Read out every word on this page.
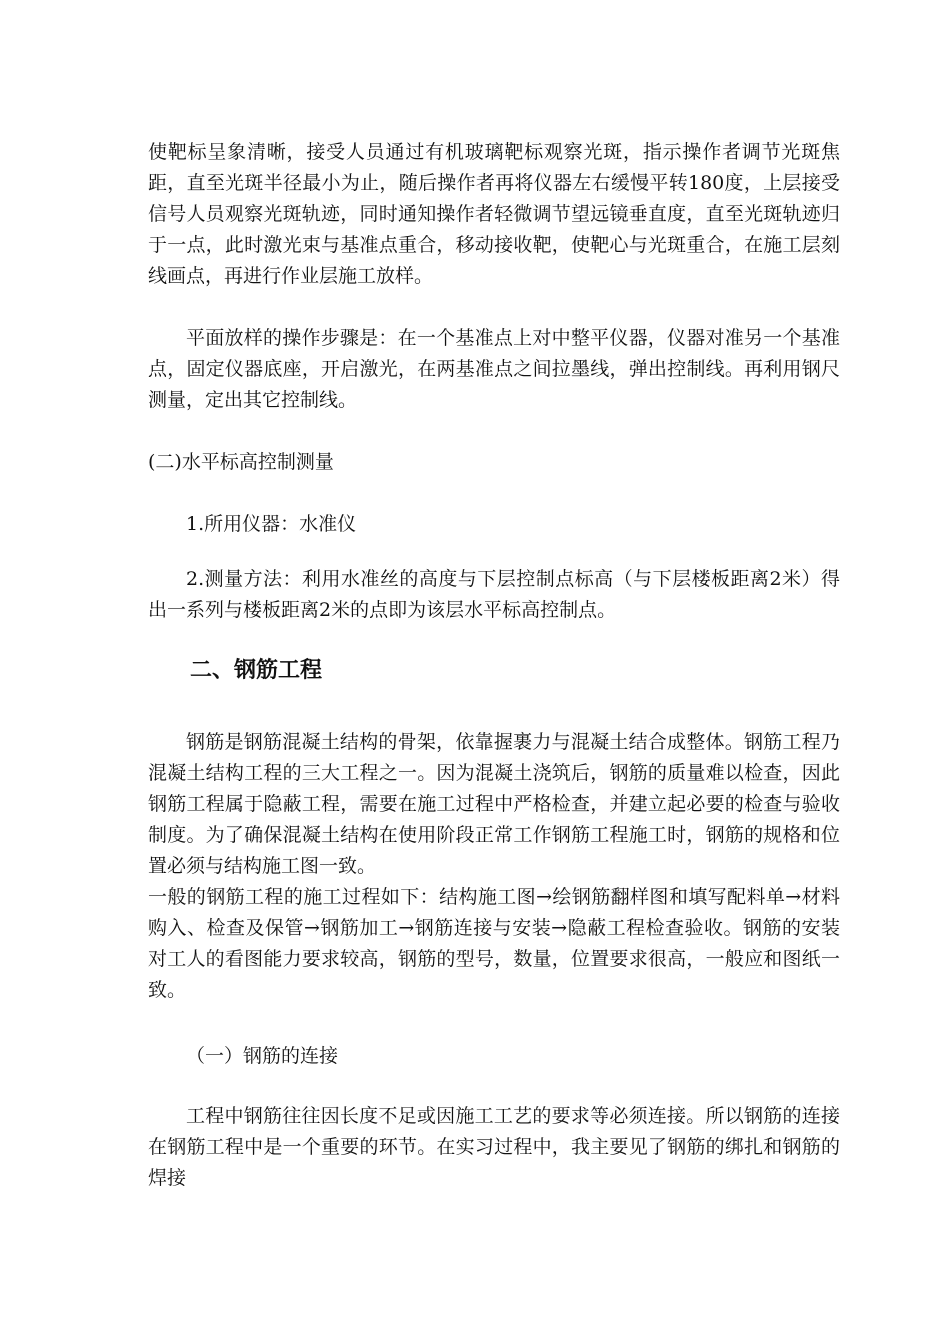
使靶标呈象清晰，接受人员通过有机玻璃靶标观察光斑，指示操作者调节光斑焦距，直至光斑半径最小为止，随后操作者再将仪器左右缓慢平转180度，上层接受信号人员观察光斑轨迹，同时通知操作者轻微调节望远镜垂直度，直至光斑轨迹归于一点，此时激光束与基准点重合，移动接收靶，使靶心与光斑重合，在施工层刻线画点，再进行作业层施工放样。

平面放样的操作步骤是：在一个基准点上对中整平仪器，仪器对准另一个基准点，固定仪器底座，开启激光，在两基准点之间拉墨线，弹出控制线。再利用钢尺测量，定出其它控制线。

(二)水平标高控制测量

1.所用仪器：水准仪

2.测量方法：利用水准丝的高度与下层控制点标高（与下层楼板距离2米）得出一系列与楼板距离2米的点即为该层水平标高控制点。

二、钢筋工程

钢筋是钢筋混凝土结构的骨架，依靠握裹力与混凝土结合成整体。钢筋工程乃混凝土结构工程的三大工程之一。因为混凝土浇筑后，钢筋的质量难以检查，因此钢筋工程属于隐蔽工程，需要在施工过程中严格检查，并建立起必要的检查与验收制度。为了确保混凝土结构在使用阶段正常工作钢筋工程施工时，钢筋的规格和位置必须与结构施工图一致。

一般的钢筋工程的施工过程如下：结构施工图→绘钢筋翻样图和填写配料单→材料购入、检查及保管→钢筋加工→钢筋连接与安装→隐蔽工程检查验收。钢筋的安装对工人的看图能力要求较高，钢筋的型号，数量，位置要求很高，一般应和图纸一致。

（一）钢筋的连接

工程中钢筋往往因长度不足或因施工工艺的要求等必须连接。所以钢筋的连接在钢筋工程中是一个重要的环节。在实习过程中，我主要见了钢筋的绑扎和钢筋的焊接
